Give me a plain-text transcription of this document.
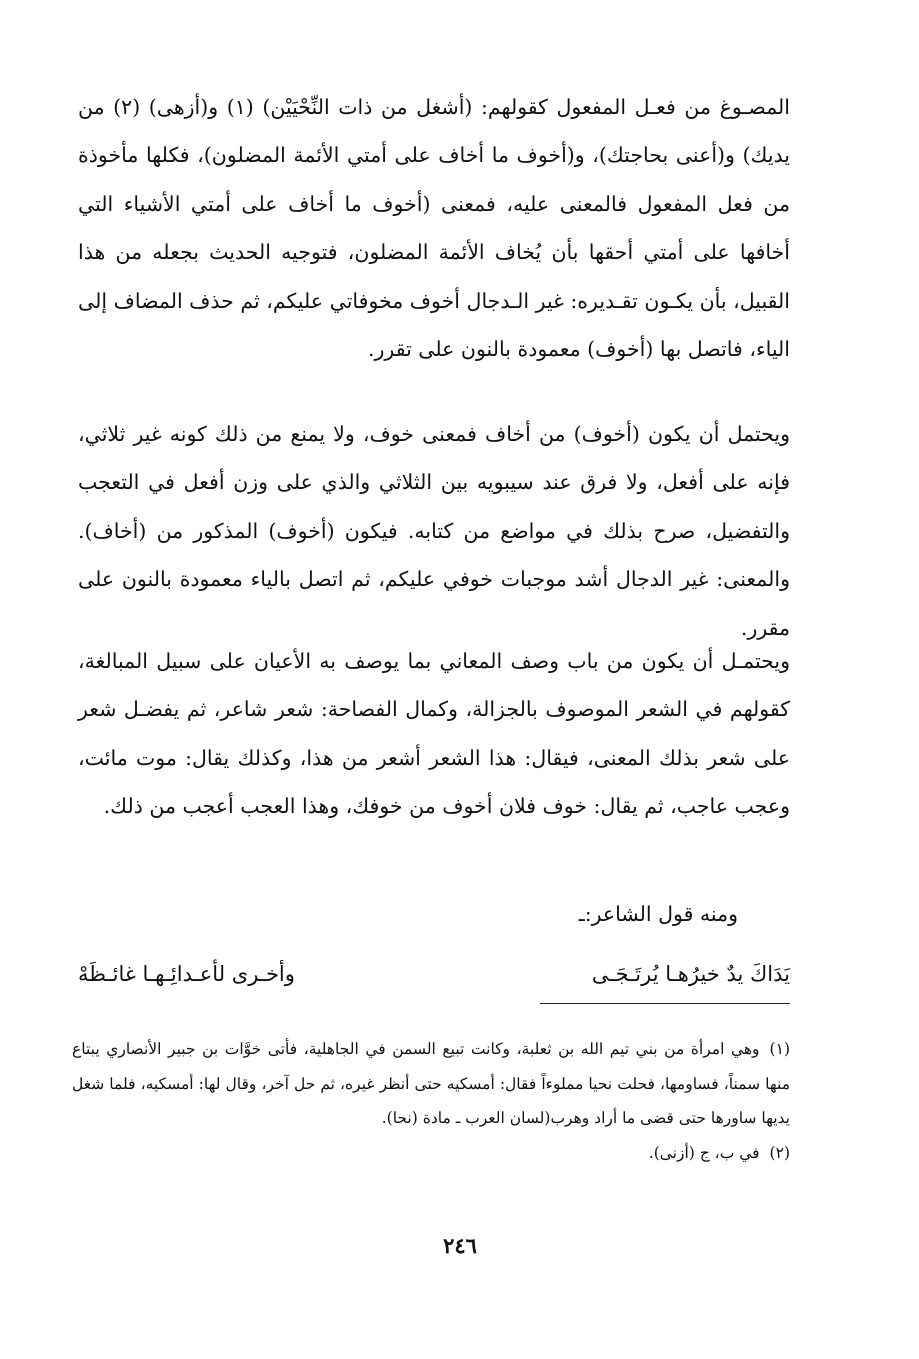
المصـوغ من فعـل المفعول كقولهم: (أشغل من ذات النِّحْيَيْن) (١) و(أزهى) (٢) من يديك) و(أعنى بحاجتك)، و(أخوف ما أخاف على أمتي الأئمة المضلون)، فكلها مأخوذة من فعل المفعول فالمعنى عليه، فمعنى (أخوف ما أخاف على أمتي الأشياء التي أخافها على أمتي أحقها بأن يُخاف الأئمة المضلون، فتوجيه الحديث بجعله من هذا القبيل، بأن يكـون تقـديره: غير الـدجال أخوف مخوفاتي عليكم، ثم حذف المضاف إلى الياء، فاتصل بها (أخوف) معمودة بالنون على تقرر.

ويحتمل أن يكون (أخوف) من أخاف فمعنى خوف، ولا يمنع من ذلك كونه غير ثلاثي، فإنه على أفعل، ولا فرق عند سيبويه بين الثلاثي والذي على وزن أفعل في التعجب والتفضيل، صرح بذلك في مواضع من كتابه. فيكون (أخوف) المذكور من (أخاف). والمعنى: غير الدجال أشد موجبات خوفي عليكم، ثم اتصل بالياء معمودة بالنون على مقرر.

ويحتمـل أن يكون من باب وصف المعاني بما يوصف به الأعيان على سبيل المبالغة، كقولهم في الشعر الموصوف بالجزالة، وكمال الفصاحة: شعر شاعر، ثم يفضـل شعر على شعر بذلك المعنى، فيقال: هذا الشعر أشعر من هذا، وكذلك يقال: موت مائت، وعجب عاجب، ثم يقال: خوف فلان أخوف من خوفك، وهذا العجب أعجب من ذلك.

ومنه قول الشاعر:ـ
يَدَاكَ يدٌ خيرُهـا يُرتَـجَـى
وأخـرى لأعـدائِـهـا غائـظَهْ

(١)وهي امرأة من بني تيم الله بن ثعلبة، وكانت تبيع السمن في الجاهلية، فأتى خوَّات بن جبير الأنصاري يبتاع منها سمناً، فساومها، فحلت نحيا مملوءاً فقال: أمسكيه حتى أنظر غيره، ثم حل آخر، وقال لها: أمسكيه، فلما شغل يديها ساورها حتى قضى ما أراد وهرب(لسان العرب ـ مادة (نحا).

(٢)في ب، ج (أزنى).

٢٤٦
